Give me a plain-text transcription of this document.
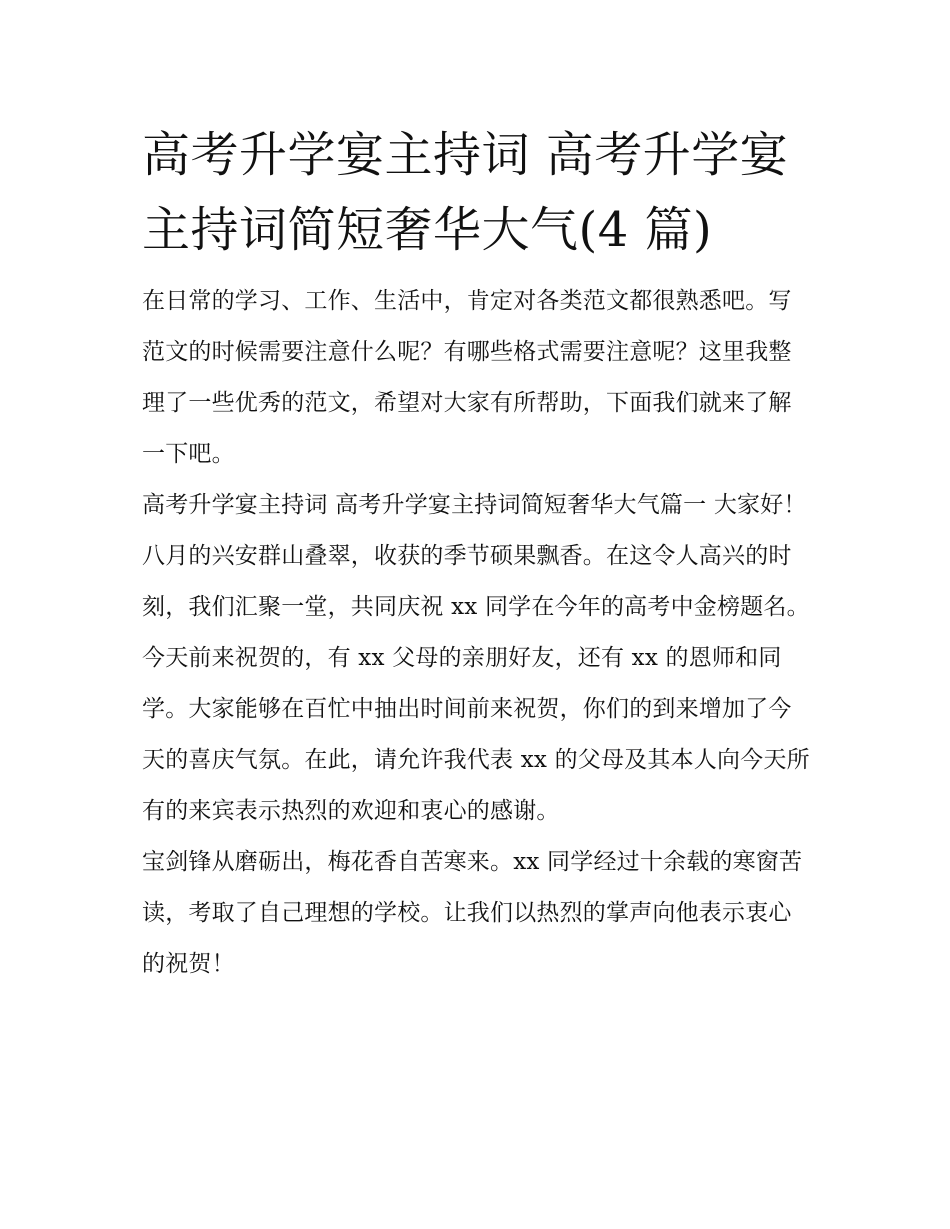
高考升学宴主持词 高考升学宴主持词简短奢华大气(4 篇)

在日常的学习、工作、生活中，肯定对各类范文都很熟悉吧。写范文的时候需要注意什么呢？有哪些格式需要注意呢？这里我整理了一些优秀的范文，希望对大家有所帮助，下面我们就来了解一下吧。

高考升学宴主持词 高考升学宴主持词简短奢华大气篇一 大家好！

八月的兴安群山叠翠，收获的季节硕果飘香。在这令人高兴的时刻，我们汇聚一堂，共同庆祝 xx 同学在今年的高考中金榜题名。

今天前来祝贺的，有 xx 父母的亲朋好友，还有 xx 的恩师和同学。大家能够在百忙中抽出时间前来祝贺，你们的到来增加了今天的喜庆气氛。在此，请允许我代表 xx 的父母及其本人向今天所有的来宾表示热烈的欢迎和衷心的感谢。

宝剑锋从磨砺出，梅花香自苦寒来。xx 同学经过十余载的寒窗苦读，考取了自己理想的学校。让我们以热烈的掌声向他表示衷心的祝贺！
